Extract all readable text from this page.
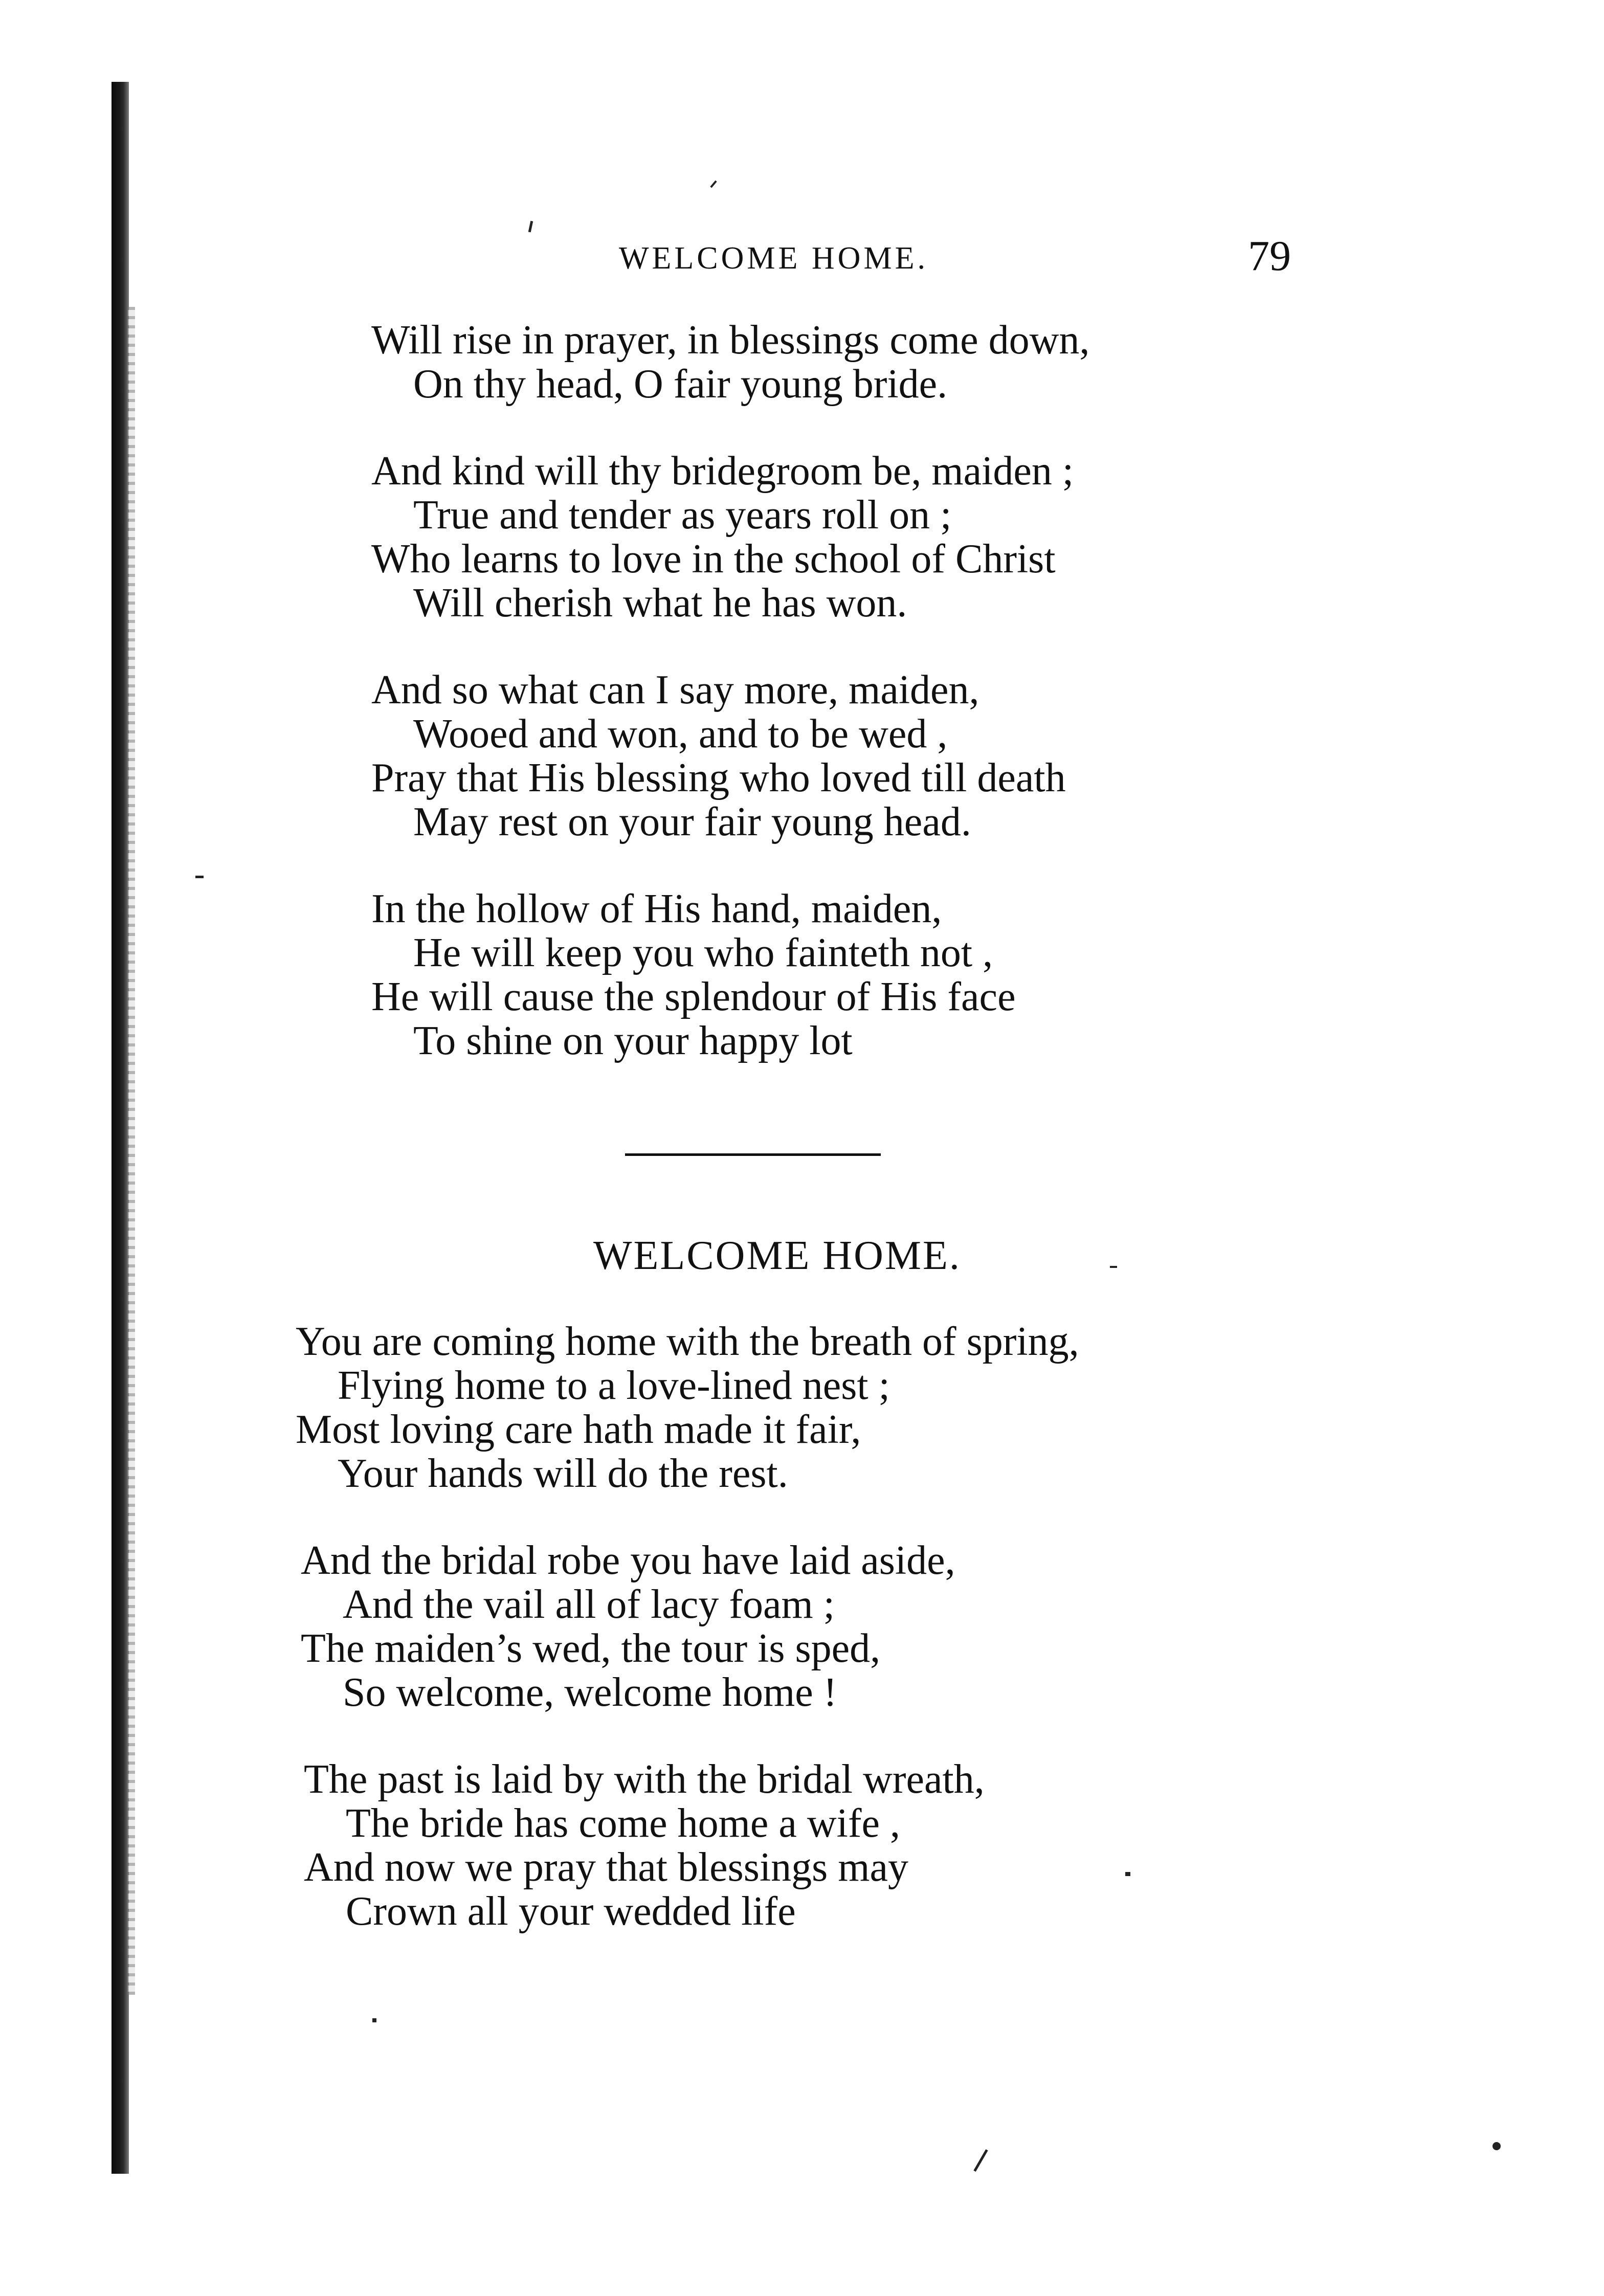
WELCOME HOME.	79
Will rise in prayer, in blessings come down,
On thy head, O fair young bride.
And kind will thy bridegroom be, maiden ;
True and tender as years roll on ;
Who learns to love in the school of Christ
Will cherish what he has won.
And so what can I say more, maiden,
Wooed and won, and to be wed ,
Pray that His blessing who loved till death
May rest on your fair young head.
In the hollow of His hand, maiden,
He will keep you who fainteth not ,
He will cause the splendour of His face
To shine on your happy lot
WELCOME HOME.
You are coming home with the breath of spring,
Flying home to a love-lined nest ;
Most loving care hath made it fair,
Your hands will do the rest.
And the bridal robe you have laid aside,
And the vail all of lacy foam ;
The maiden’s wed, the tour is sped,
So welcome, welcome home !
The past is laid by with the bridal wreath,
The bride has come home a wife ,
And now we pray that blessings may
Crown all your wedded life
